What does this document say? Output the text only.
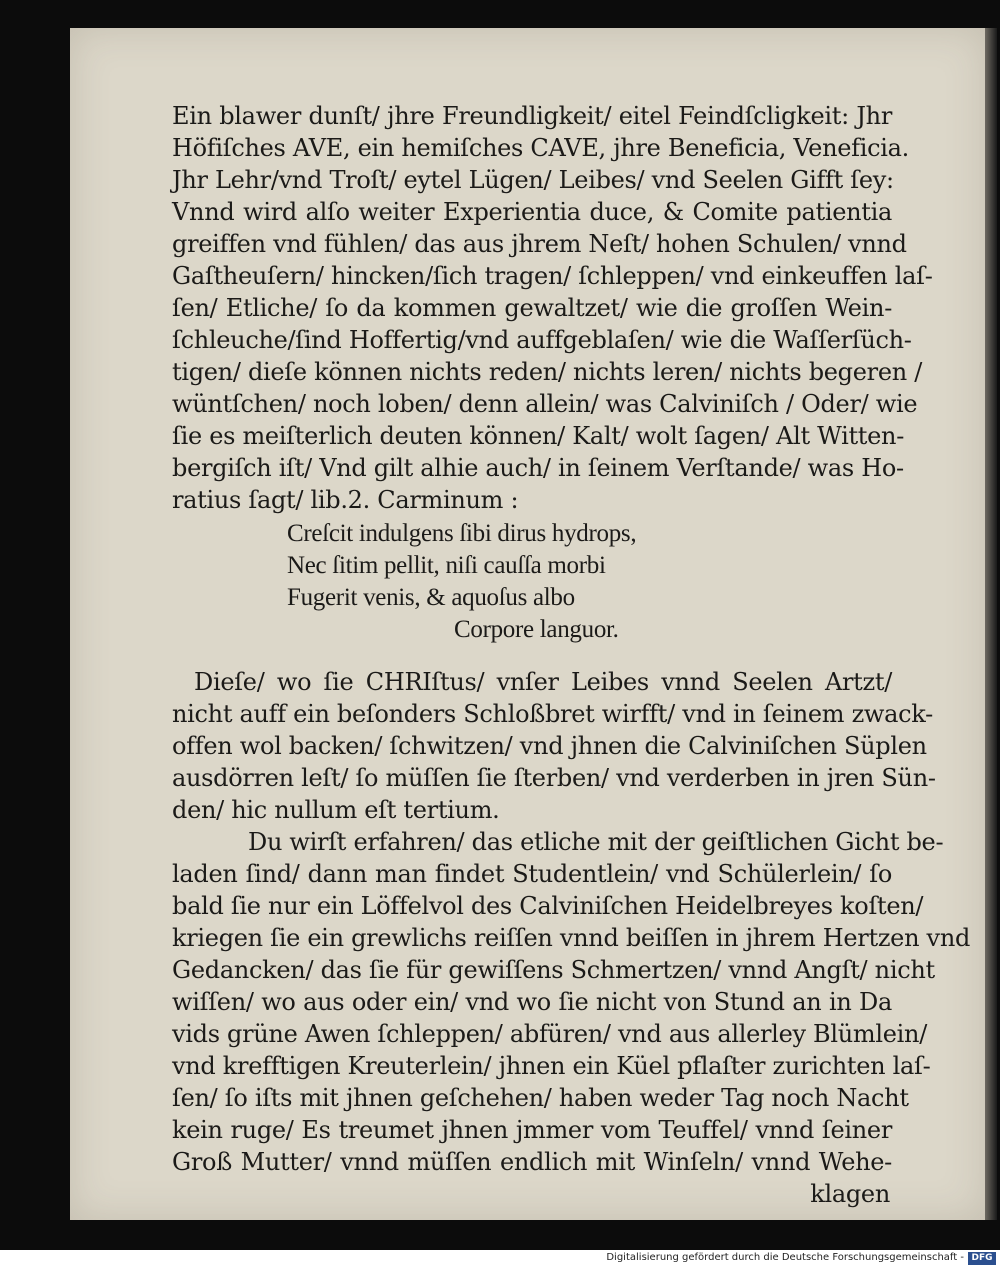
Ein blawer dunſt/ jhre Freundligkeit/ eitel Feindſcligkeit: Jhr
Höfiſches AVE, ein hemiſches CAVE, jhre Beneficia, Veneficia.
Jhr Lehr/vnd Troſt/ eytel Lügen/ Leibes/ vnd Seelen Gifft ſey:
Vnnd wird alſo weiter Experientia duce, & Comite patientia
greiffen vnd fühlen/ das aus jhrem Neſt/ hohen Schulen/ vnnd
Gaſtheuſern/ hincken/ſich tragen/ ſchleppen/ vnd einkeuffen laſ-
ſen/ Etliche/ ſo da kommen gewaltzet/ wie die groſſen Wein-
ſchleuche/ſind Hoffertig/vnd auffgeblaſen/ wie die Waſſerſüch-
tigen/ dieſe können nichts reden/ nichts leren/ nichts begeren /
wüntſchen/ noch loben/ denn allein/ was Calviniſch / Oder/ wie
ſie es meiſterlich deuten können/ Kalt/ wolt ſagen/ Alt Witten-
bergiſch iſt/ Vnd gilt alhie auch/ in ſeinem Verſtande/ was Ho-
ratius ſagt/ lib.2. Carminum :
Creſcit indulgens ſibi dirus hydrops,
Nec ſitim pellit, niſi cauſſa morbi
Fugerit venis, & aquoſus albo
Corpore languor.
Dieſe/ wo ſie CHRIſtus/ vnſer Leibes vnnd Seelen Artzt/
nicht auff ein beſonders Schloßbret wirfft/ vnd in ſeinem zwack-
offen wol backen/ ſchwitzen/ vnd jhnen die Calviniſchen Süplen
ausdörren leſt/ ſo müſſen ſie ſterben/ vnd verderben in jren Sün-
den/ hic nullum eſt tertium.
Du wirſt erfahren/ das etliche mit der geiſtlichen Gicht be-
laden ſind/ dann man findet Studentlein/ vnd Schülerlein/ ſo
bald ſie nur ein Löffelvol des Calviniſchen Heidelbreyes koſten/
kriegen ſie ein grewlichs reiſſen vnnd beiſſen in jhrem Hertzen vnd
Gedancken/ das ſie für gewiſſens Schmertzen/ vnnd Angſt/ nicht
wiſſen/ wo aus oder ein/ vnd wo ſie nicht von Stund an in Da
vids grüne Awen ſchleppen/ abfüren/ vnd aus allerley Blümlein/
vnd krefftigen Kreuterlein/ jhnen ein Küel pflaſter zurichten laſ-
ſen/ ſo iſts mit jhnen geſchehen/ haben weder Tag noch Nacht
kein ruge/ Es treumet jhnen jmmer vom Teuffel/ vnnd ſeiner
Groß Mutter/ vnnd müſſen endlich mit Winſeln/ vnnd Wehe-
klagen
Digitalisierung gefördert durch die Deutsche Forschungsgemeinschaft - DFG
